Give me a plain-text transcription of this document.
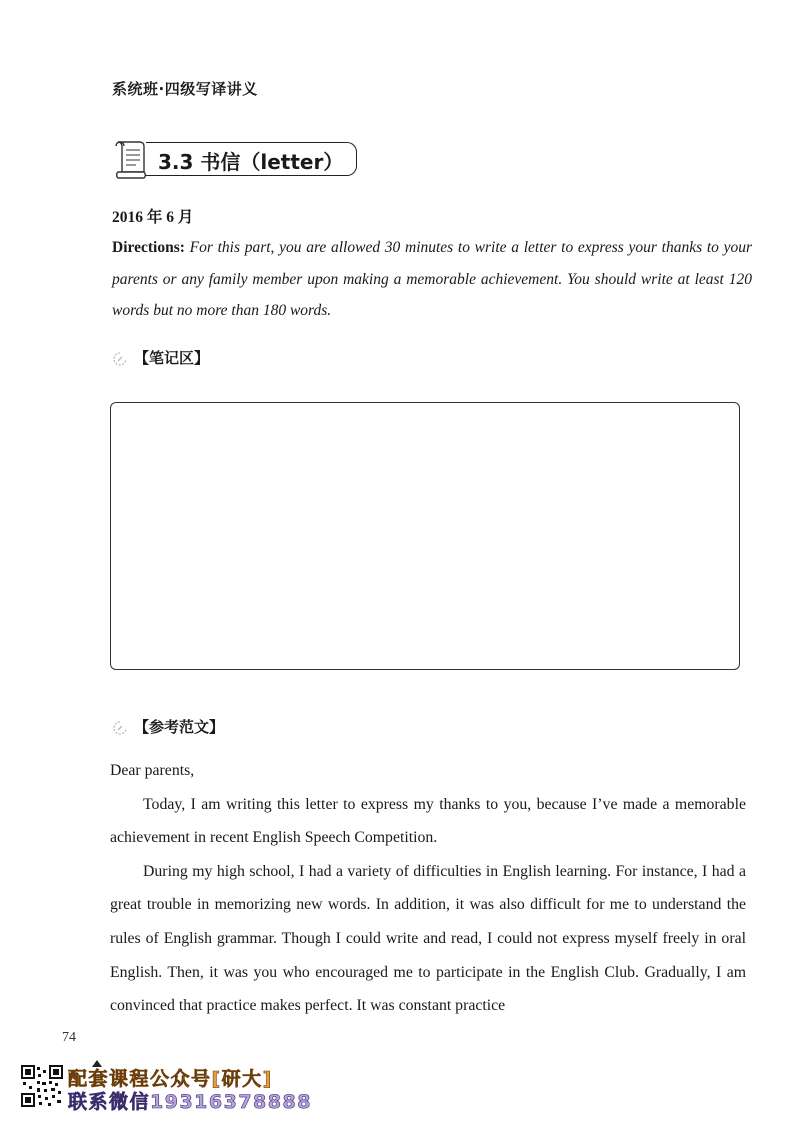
系统班·四级写译讲义
3.3 书信（letter）
2016 年 6 月
Directions: For this part, you are allowed 30 minutes to write a letter to express your thanks to your parents or any family member upon making a memorable achievement. You should write at least 120 words but no more than 180 words.
【笔记区】
【参考范文】

Dear parents,

Today, I am writing this letter to express my thanks to you, because I’ve made a memorable achievement in recent English Speech Competition.

During my high school, I had a variety of difficulties in English learning. For instance, I had a great trouble in memorizing new words. In addition, it was also difficult for me to understand the rules of English grammar. Though I could write and read, I could not express myself freely in oral English. Then, it was you who encouraged me to participate in the English Club. Gradually, I am convinced that practice makes perfect. It was constant practice

74
配套课程公众号[研大]
联系微信19316378888
